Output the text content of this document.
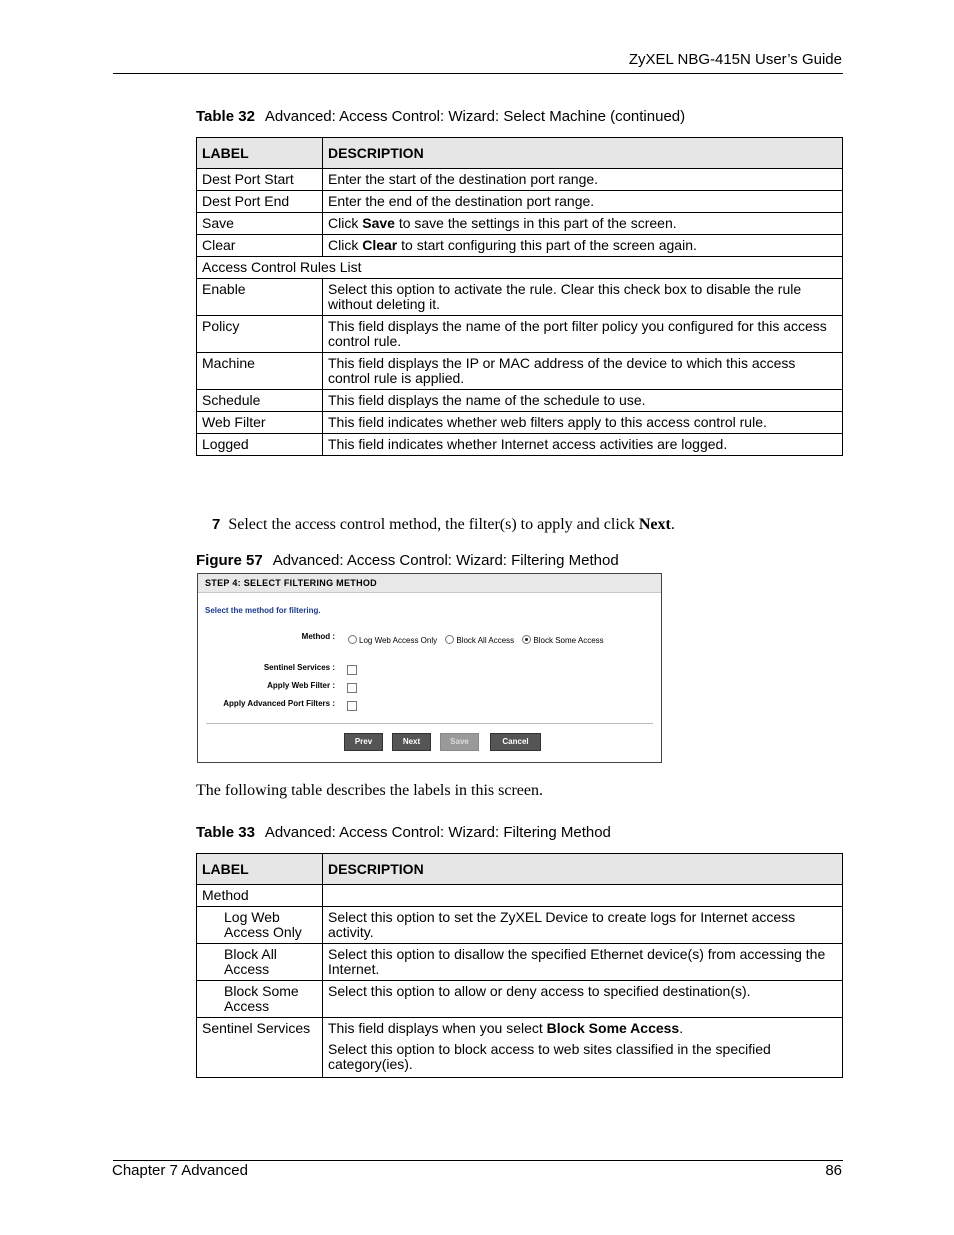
ZyXEL NBG-415N User’s Guide
Table 32 Advanced: Access Control: Wizard: Select Machine (continued)
LABEL	DESCRIPTION
Dest Port Start	Enter the start of the destination port range.
Dest Port End	Enter the end of the destination port range.
Save	Click Save to save the settings in this part of the screen.
Clear	Click Clear to start configuring this part of the screen again.
Access Control Rules List	
Enable	Select this option to activate the rule. Clear this check box to disable the rule without deleting it.
Policy	This field displays the name of the port filter policy you configured for this access control rule.
Machine	This field displays the IP or MAC address of the device to which this access control rule is applied.
Schedule	This field displays the name of the schedule to use.
Web Filter	This field indicates whether web filters apply to this access control rule.
Logged	This field indicates whether Internet access activities are logged.
7 Select the access control method, the filter(s) to apply and click Next.
Figure 57 Advanced: Access Control: Wizard: Filtering Method
STEP 4: SELECT FILTERING METHOD
Select the method for filtering.
Method :	Log Web Access Only Block All Access Block Some Access
Sentinel Services :
Apply Web Filter :
Apply Advanced Port Filters :
Prev	Next	Save	Cancel
The following table describes the labels in this screen.
Table 33 Advanced: Access Control: Wizard: Filtering Method
LABEL	DESCRIPTION
Method	
Log Web Access Only	Select this option to set the ZyXEL Device to create logs for Internet access activity.
Block All Access	Select this option to disallow the specified Ethernet device(s) from accessing the Internet.
Block Some Access	Select this option to allow or deny access to specified destination(s).
Sentinel Services	This field displays when you select Block Some Access.
Select this option to block access to web sites classified in the specified category(ies).
Chapter 7 Advanced	86
